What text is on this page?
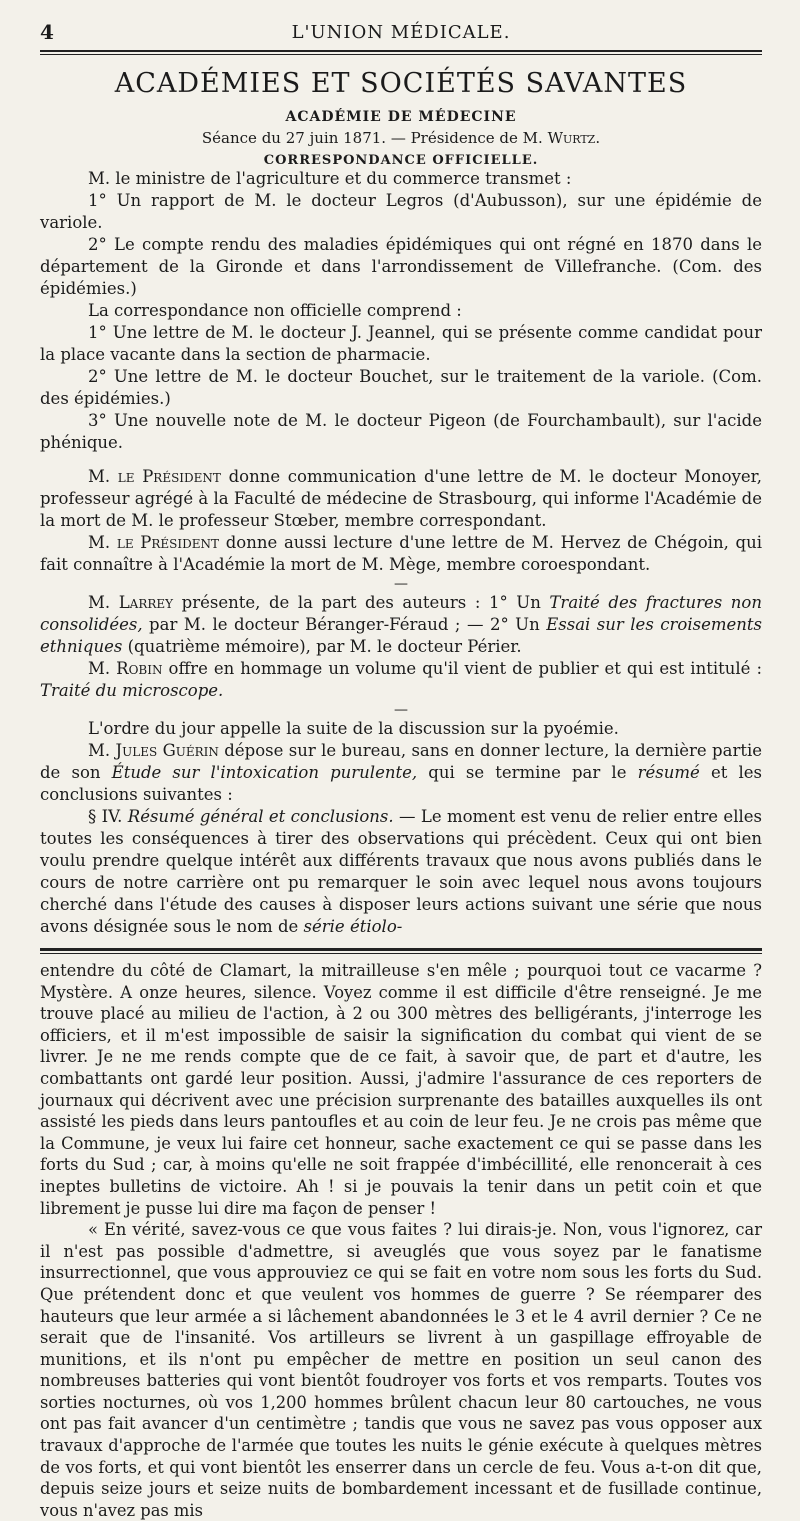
4	L'UNION MÉDICALE.
ACADÉMIES ET SOCIÉTÉS SAVANTES
ACADÉMIE DE MÉDECINE
Séance du 27 juin 1871. — Présidence de M. Wurtz.
CORRESPONDANCE OFFICIELLE.

M. le ministre de l'agriculture et du commerce transmet :

1° Un rapport de M. le docteur Legros (d'Aubusson), sur une épidémie de variole.

2° Le compte rendu des maladies épidémiques qui ont régné en 1870 dans le département de la Gironde et dans l'arrondissement de Villefranche. (Com. des épidémies.)

La correspondance non officielle comprend :

1° Une lettre de M. le docteur J. Jeannel, qui se présente comme candidat pour la place vacante dans la section de pharmacie.

2° Une lettre de M. le docteur Bouchet, sur le traitement de la variole. (Com. des épidémies.)

3° Une nouvelle note de M. le docteur Pigeon (de Fourchambault), sur l'acide phénique.

M. le Président donne communication d'une lettre de M. le docteur Monoyer, professeur agrégé à la Faculté de médecine de Strasbourg, qui informe l'Académie de la mort de M. le professeur Stœber, membre correspondant.

M. le Président donne aussi lecture d'une lettre de M. Hervez de Chégoin, qui fait connaître à l'Académie la mort de M. Mège, membre coroespondant.

—

M. Larrey présente, de la part des auteurs : 1° Un Traité des fractures non consolidées, par M. le docteur Béranger-Féraud ; — 2° Un Essai sur les croisements ethniques (quatrième mémoire), par M. le docteur Périer.

M. Robin offre en hommage un volume qu'il vient de publier et qui est intitulé : Traité du microscope.

—

L'ordre du jour appelle la suite de la discussion sur la pyoémie.

M. Jules Guérin dépose sur le bureau, sans en donner lecture, la dernière partie de son Étude sur l'intoxication purulente, qui se termine par le résumé et les conclusions suivantes :

§ IV. Résumé général et conclusions. — Le moment est venu de relier entre elles toutes les conséquences à tirer des observations qui précèdent. Ceux qui ont bien voulu prendre quelque intérêt aux différents travaux que nous avons publiés dans le cours de notre carrière ont pu remarquer le soin avec lequel nous avons toujours cherché dans l'étude des causes à disposer leurs actions suivant une série que nous avons désignée sous le nom de série étiolo-

entendre du côté de Clamart, la mitrailleuse s'en mêle ; pourquoi tout ce vacarme ? Mystère. A onze heures, silence. Voyez comme il est difficile d'être renseigné. Je me trouve placé au milieu de l'action, à 2 ou 300 mètres des belligérants, j'interroge les officiers, et il m'est impossible de saisir la signification du combat qui vient de se livrer. Je ne me rends compte que de ce fait, à savoir que, de part et d'autre, les combattants ont gardé leur position. Aussi, j'admire l'assurance de ces reporters de journaux qui décrivent avec une précision surprenante des batailles auxquelles ils ont assisté les pieds dans leurs pantoufles et au coin de leur feu. Je ne crois pas même que la Commune, je veux lui faire cet honneur, sache exactement ce qui se passe dans les forts du Sud ; car, à moins qu'elle ne soit frappée d'imbécillité, elle renoncerait à ces ineptes bulletins de victoire. Ah ! si je pouvais la tenir dans un petit coin et que librement je pusse lui dire ma façon de penser !

« En vérité, savez-vous ce que vous faites ? lui dirais-je. Non, vous l'ignorez, car il n'est pas possible d'admettre, si aveuglés que vous soyez par le fanatisme insurrectionnel, que vous approuviez ce qui se fait en votre nom sous les forts du Sud. Que prétendent donc et que veulent vos hommes de guerre ? Se réemparer des hauteurs que leur armée a si lâchement abandonnées le 3 et le 4 avril dernier ? Ce ne serait que de l'insanité. Vos artilleurs se livrent à un gaspillage effroyable de munitions, et ils n'ont pu empêcher de mettre en position un seul canon des nombreuses batteries qui vont bientôt foudroyer vos forts et vos remparts. Toutes vos sorties nocturnes, où vos 1,200 hommes brûlent chacun leur 80 cartouches, ne vous ont pas fait avancer d'un centimètre ; tandis que vous ne savez pas vous opposer aux travaux d'approche de l'armée que toutes les nuits le génie exécute à quelques mètres de vos forts, et qui vont bientôt les enserrer dans un cercle de feu. Vous a-t-on dit que, depuis seize jours et seize nuits de bombardement incessant et de fusillade continue, vous n'avez pas mis
